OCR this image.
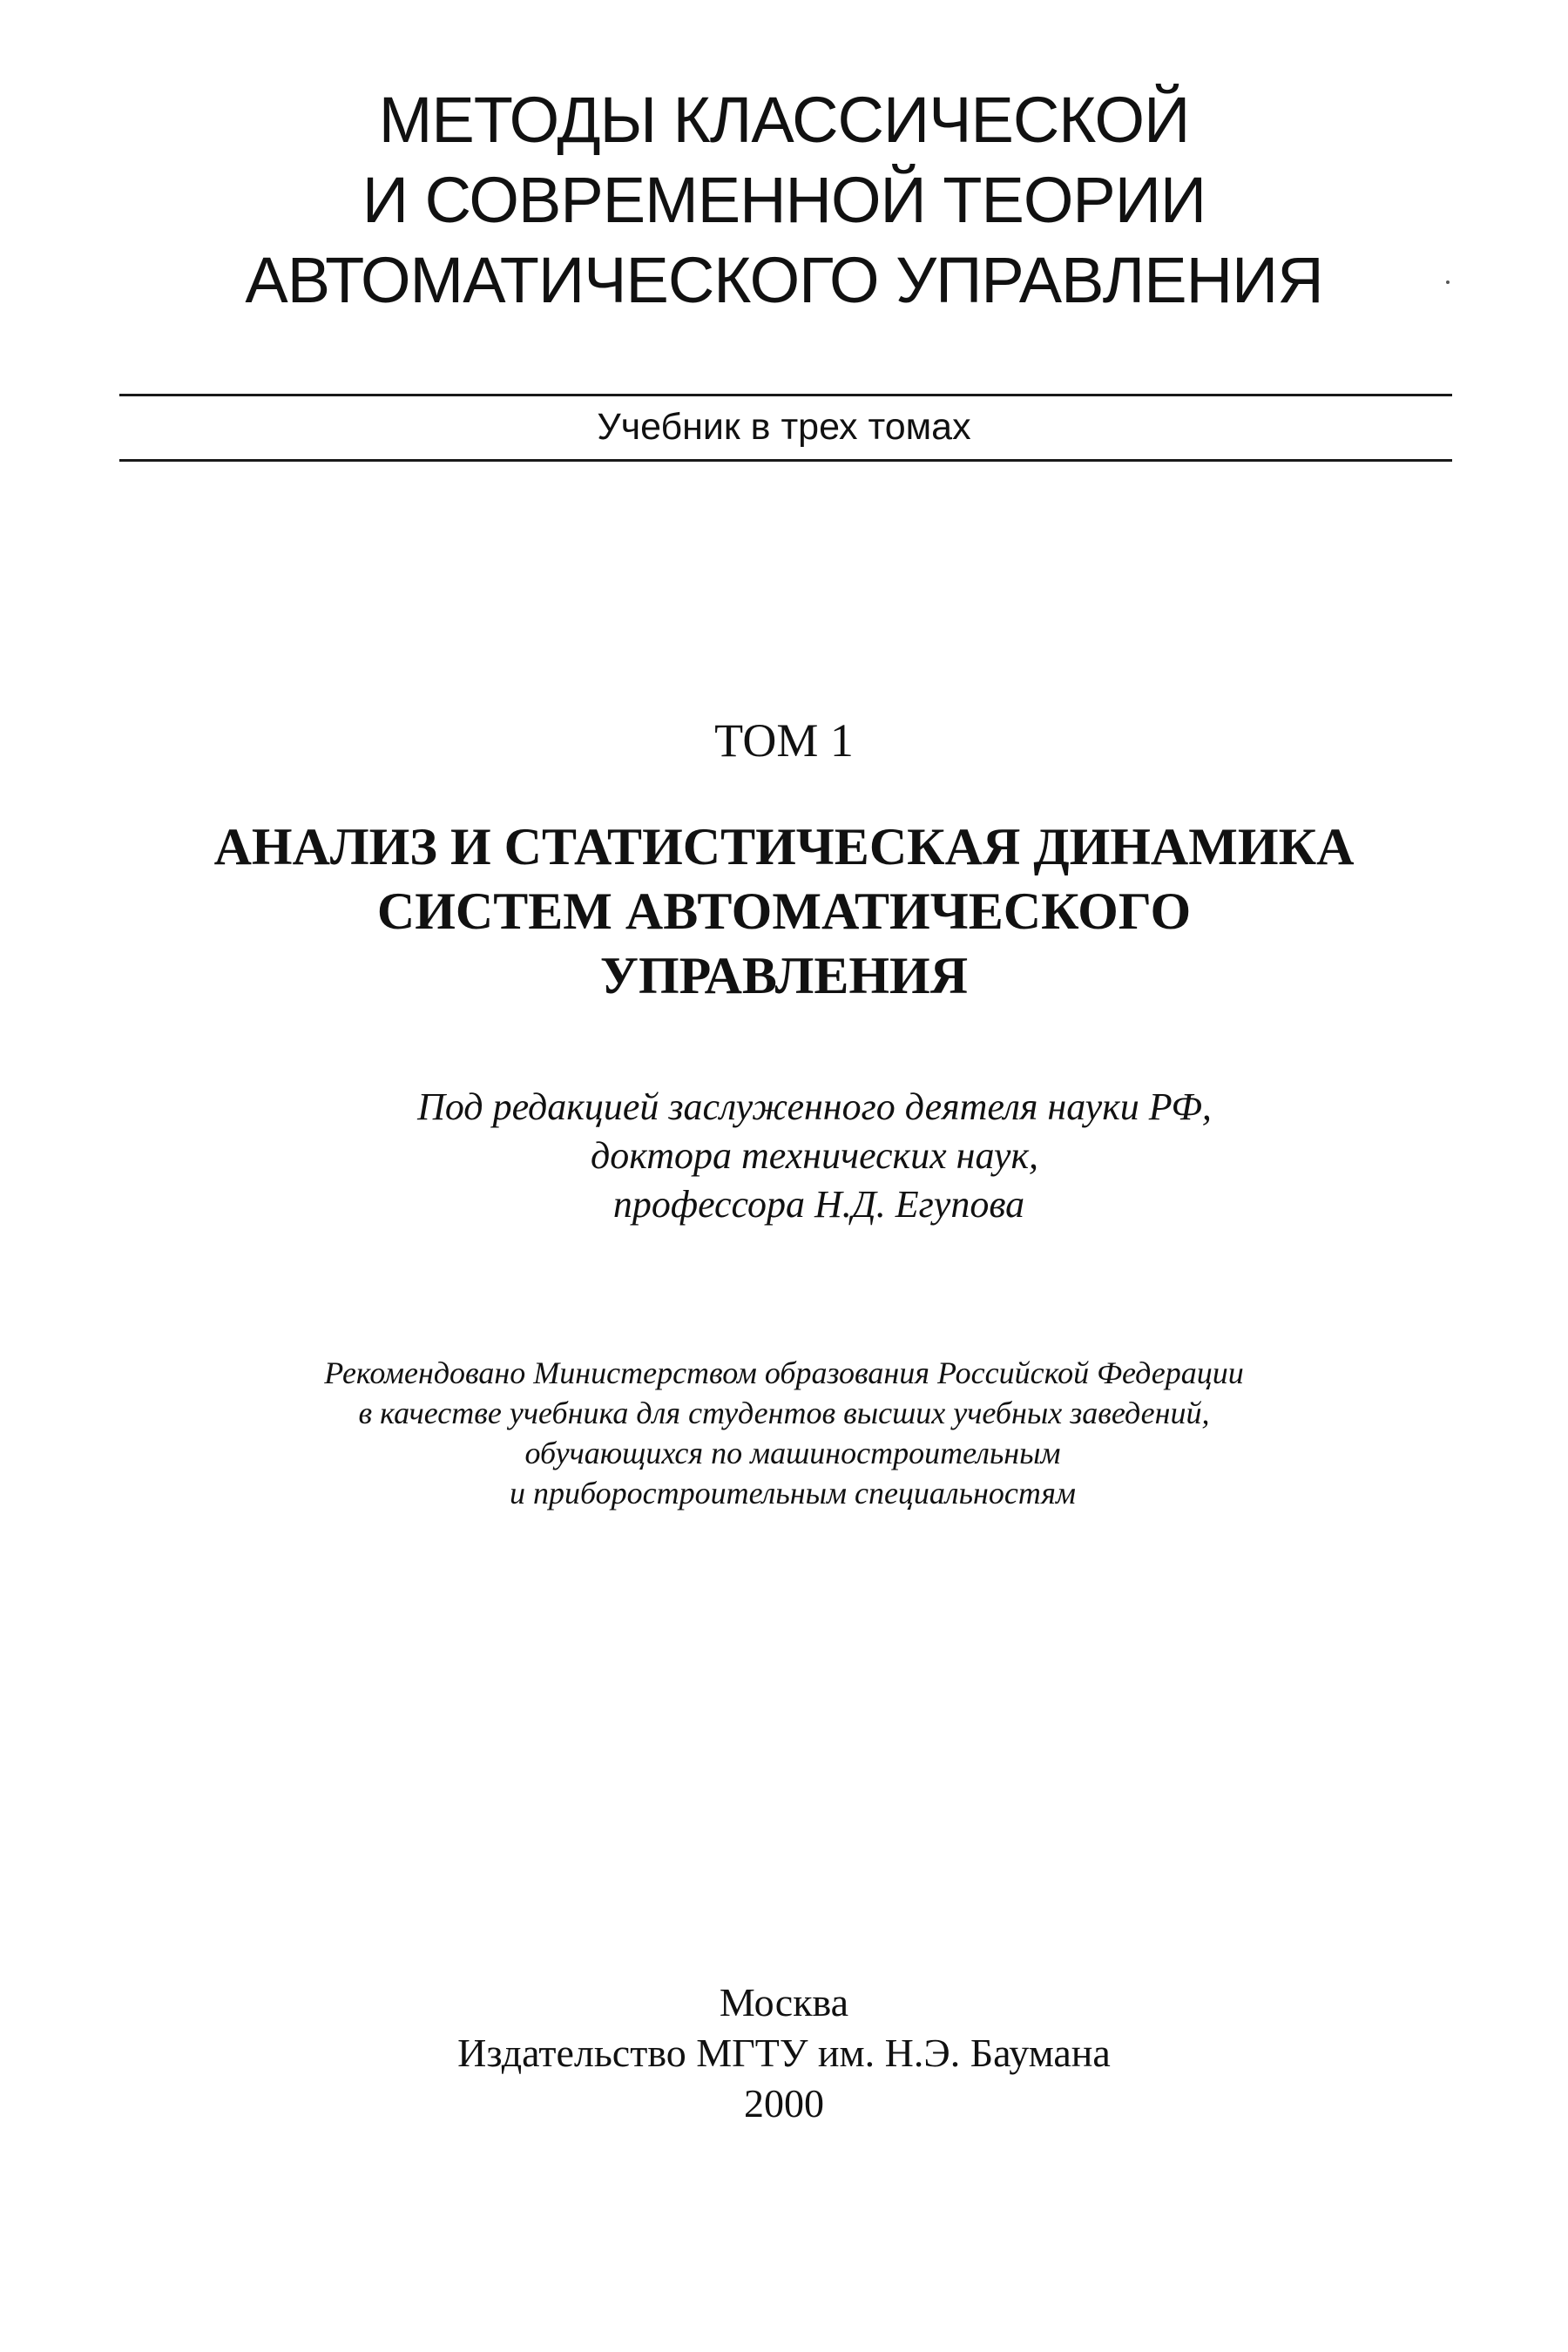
МЕТОДЫ КЛАССИЧЕСКОЙ
И СОВРЕМЕННОЙ ТЕОРИИ
АВТОМАТИЧЕСКОГО УПРАВЛЕНИЯ
Учебник в трех томах
ТОМ 1
АНАЛИЗ И СТАТИСТИЧЕСКАЯ ДИНАМИКА
СИСТЕМ АВТОМАТИЧЕСКОГО
УПРАВЛЕНИЯ
Под редакцией заслуженного деятеля науки РФ,
доктора технических наук,
профессора Н.Д. Егупова
Рекомендовано Министерством образования Российской Федерации
в качестве учебника для студентов высших учебных заведений,
обучающихся по машиностроительным
и приборостроительным специальностям
Москва
Издательство МГТУ им. Н.Э. Баумана
2000
